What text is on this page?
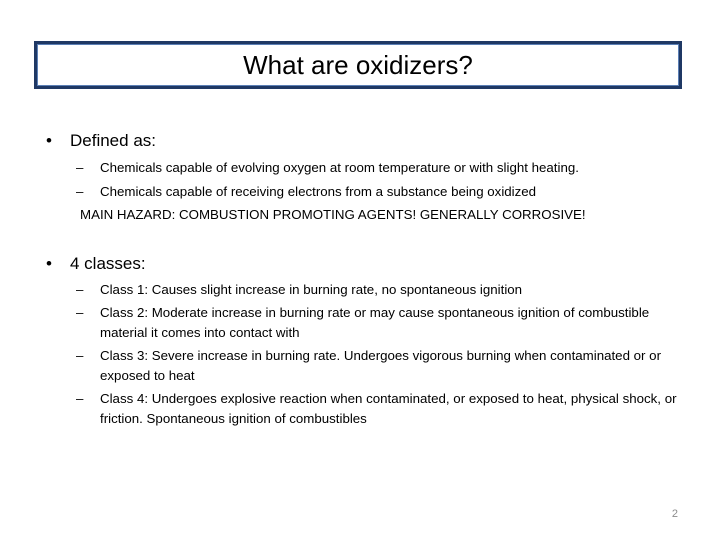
What are oxidizers?

• Defined as:

– Chemicals capable of evolving oxygen at room temperature or with slight heating.

– Chemicals capable of receiving electrons from a substance being oxidized

MAIN HAZARD: COMBUSTION PROMOTING AGENTS! GENERALLY CORROSIVE!

• 4 classes:

– Class 1: Causes slight increase in burning rate, no spontaneous ignition

– Class 2: Moderate increase in burning rate or may cause spontaneous ignition of combustible material it comes into contact with

– Class 3: Severe increase in burning rate. Undergoes vigorous burning when contaminated or or exposed to heat

– Class 4: Undergoes explosive reaction when contaminated, or exposed to heat, physical shock, or friction. Spontaneous ignition of combustibles

2
